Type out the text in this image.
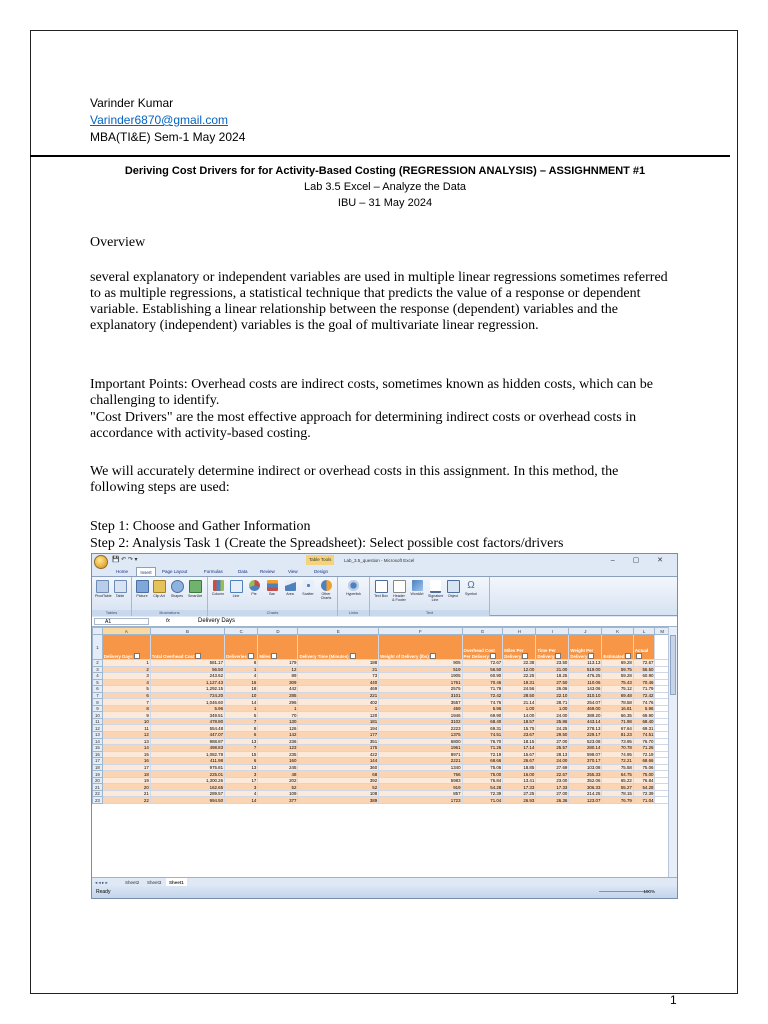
Varinder Kumar
Varinder6870@gmail.com
MBA(TI&E) Sem-1 May 2024
Deriving Cost Drivers for for Activity-Based Costing (REGRESSION ANALYSIS) – ASSIGHNMENT #1
Lab 3.5 Excel – Analyze the Data
IBU – 31 May 2024
Overview
several explanatory or independent variables are used in multiple linear regressions sometimes referred to as multiple regressions, a statistical technique that predicts the value of a response or dependent variable. Establishing a linear relationship between the response (dependent) variables and the explanatory (independent) variables is the goal of multivariate linear regression.
Important Points: Overhead costs are indirect costs, sometimes known as hidden costs, which can be challenging to identify.
"Cost Drivers" are the most effective approach for determining indirect costs or overhead costs in accordance with activity-based costing.
We will accurately determine indirect or overhead costs in this assignment. In this method, the following steps are used:
Step 1: Choose and Gather Information
Step 2: Analysis Task 1 (Create the Spreadsheet): Select possible cost factors/drivers
💾 ↶ ↷ ▾	Table Tools	Lab_3.5_question - Microsoft Excel	– ▢ ✕
Home	Insert	Page Layout	Formulas	Data	Review	View	Design
PivotTable	Table
Tables
Picture	Clip Art	Shapes SmartArt
Illustrations
Column	Line	Pie	Bar	Area	Scatter	Other Charts
Charts
Hyperlink
Links
Text Box	Header & Footer
WordArt Signature Line
Object
Ω
Symbol
Text
A1	fx	Delivery Days
	A	B	C	D	E	F	G	H	I	J	K	L	M
1	Delivery Days	Total Overhead Cost	Deliveries	Miles	Delivery Time (Minutes)	Weight of Delivery (lbs)	Overhead Cost Per Delivery	Miles Per Delivery	Time Per Delivery	Weight Per Delivery	Estimated	Actual	
2	1	581.17	8	179	188	905	72.67	22.38	23.50	113.13	69.28	72.67	
3	2	56.50	1	12	21	519	56.50	12.00	21.00	519.00	59.75	56.50	
4	3	243.62	4	89	73	1905	60.90	22.25	18.25	476.25	59.28	60.90	
5	4	1,127.43	16	309	440	1761	70.46	19.31	27.50	110.06	75.43	70.46	
6	5	1,292.15	18	442	469	2575	71.79	24.56	26.06	143.06	75.12	71.79	
7	6	724.20	10	285	221	3101	72.42	28.50	22.10	310.10	69.48	72.42	
8	7	1,046.60	14	296	402	3557	74.76	21.14	28.71	254.07	78.58	74.76	
9	8	5.96	1	1	1	469	5.96	1.00	1.00	469.00	16.81	5.96	
10	9	349.51	5	70	120	1946	69.90	14.00	24.00	389.20	66.35	69.90	
11	10	478.80	7	130	181	3102	68.40	18.57	25.86	443.14	71.98	68.40	
12	11	554.48	8	126	194	2223	69.31	15.75	24.25	278.13	67.64	69.31	
13	12	447.07	6	142	177	1375	74.51	23.67	29.50	229.17	81.23	74.51	
14	13	988.87	13	236	351	6800	76.70	18.15	27.00	523.08	73.95	76.70	
15	14	498.83	7	123	175	1961	71.26	17.14	25.57	280.14	70.78	71.26	
16	15	1,082.78	15	235	422	8971	72.19	15.67	28.13	598.07	74.95	72.19	
17	16	411.98	6	160	144	2221	68.66	26.67	24.00	370.17	72.21	68.66	
18	17	975.81	13	245	360	1340	75.06	18.85	27.69	103.08	75.58	75.06	
19	18	225.01	3	48	68	766	75.00	16.00	22.67	255.33	64.75	75.00	
20	19	1,300.26	17	202	392	5983	76.84	13.41	23.00	352.06	65.22	76.84	
21	20	162.65	3	52	52	919	54.28	17.33	17.33	306.33	55.27	54.28	
22	21	289.57	4	109	108	857	72.39	27.25	27.00	214.25	78.15	72.39	
23	22	994.50	14	377	389	1723	71.04	26.93	26.36	123.07	76.79	71.04	
◂ ◂ ▸ ▸	Sheet2	Sheet3	Sheet1
Ready	100%
1
